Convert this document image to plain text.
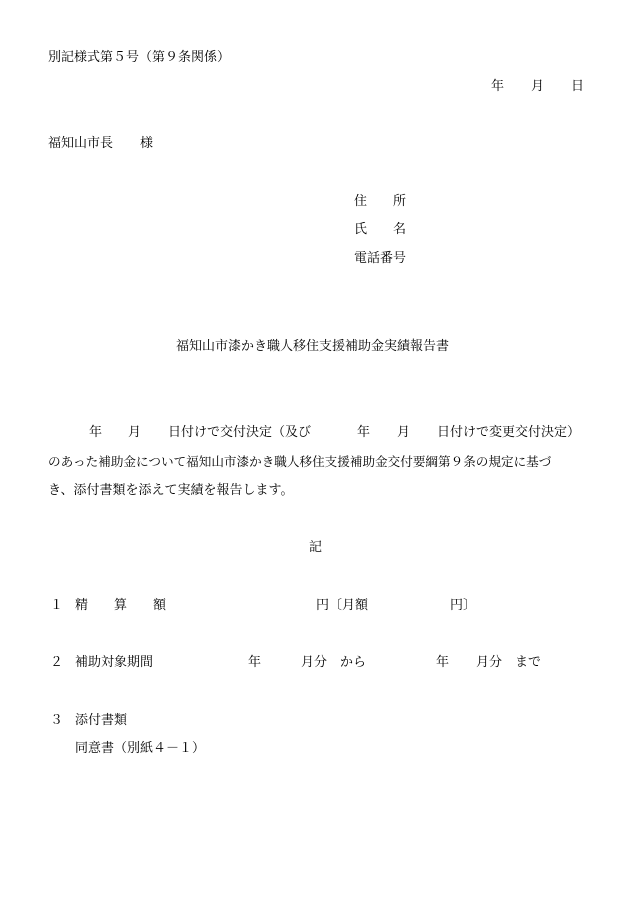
別記様式第５号（第９条関係）
年 月 日
福知山市長 様
住　　所
氏　　名
電話番号
福知山市漆かき職人移住支援補助金実績報告書
年 月 日付けで交付決定（及び	年 月 日付けで変更交付決定）
のあった補助金について福知山市漆かき職人移住支援補助金交付要綱第９条の規定に基づ
き、添付書類を添えて実績を報告します。
記
１ 精　　算　　額	円〔月額	円〕
２ 補助対象期間	年	月分　から	年 月分　まで
３ 添付書類
同意書（別紙４－１）
